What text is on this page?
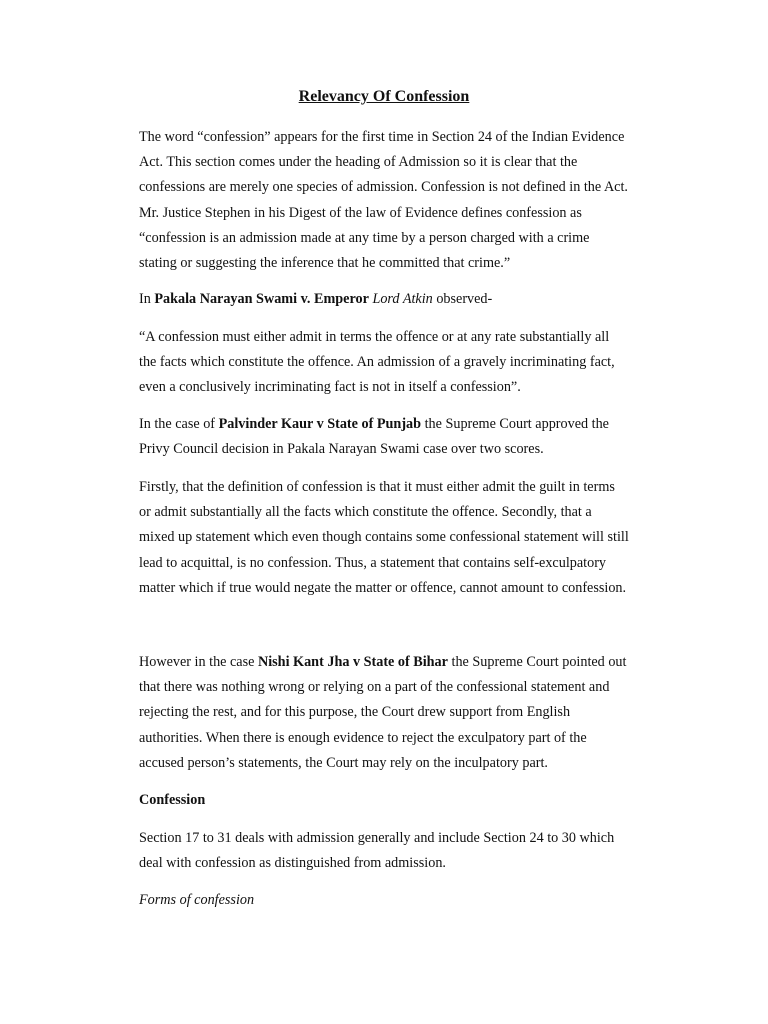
Relevancy Of Confession

The word “confession” appears for the first time in Section 24 of the Indian Evidence
Act. This section comes under the heading of Admission so it is clear that the
confessions are merely one species of admission. Confession is not defined in the Act.
Mr. Justice Stephen in his Digest of the law of Evidence defines confession as
“confession is an admission made at any time by a person charged with a crime
stating or suggesting the inference that he committed that crime.”

In Pakala Narayan Swami v. Emperor Lord Atkin observed-

“A confession must either admit in terms the offence or at any rate substantially all
the facts which constitute the offence. An admission of a gravely incriminating fact,
even a conclusively incriminating fact is not in itself a confession”.

In the case of Palvinder Kaur v State of Punjab the Supreme Court approved the
Privy Council decision in Pakala Narayan Swami case over two scores.

Firstly, that the definition of confession is that it must either admit the guilt in terms
or admit substantially all the facts which constitute the offence. Secondly, that a
mixed up statement which even though contains some confessional statement will still
lead to acquittal, is no confession. Thus, a statement that contains self-exculpatory
matter which if true would negate the matter or offence, cannot amount to confession.

However in the case Nishi Kant Jha v State of Bihar the Supreme Court pointed out
that there was nothing wrong or relying on a part of the confessional statement and
rejecting the rest, and for this purpose, the Court drew support from English
authorities. When there is enough evidence to reject the exculpatory part of the
accused person’s statements, the Court may rely on the inculpatory part.

Confession

Section 17 to 31 deals with admission generally and include Section 24 to 30 which
deal with confession as distinguished from admission.

Forms of confession
